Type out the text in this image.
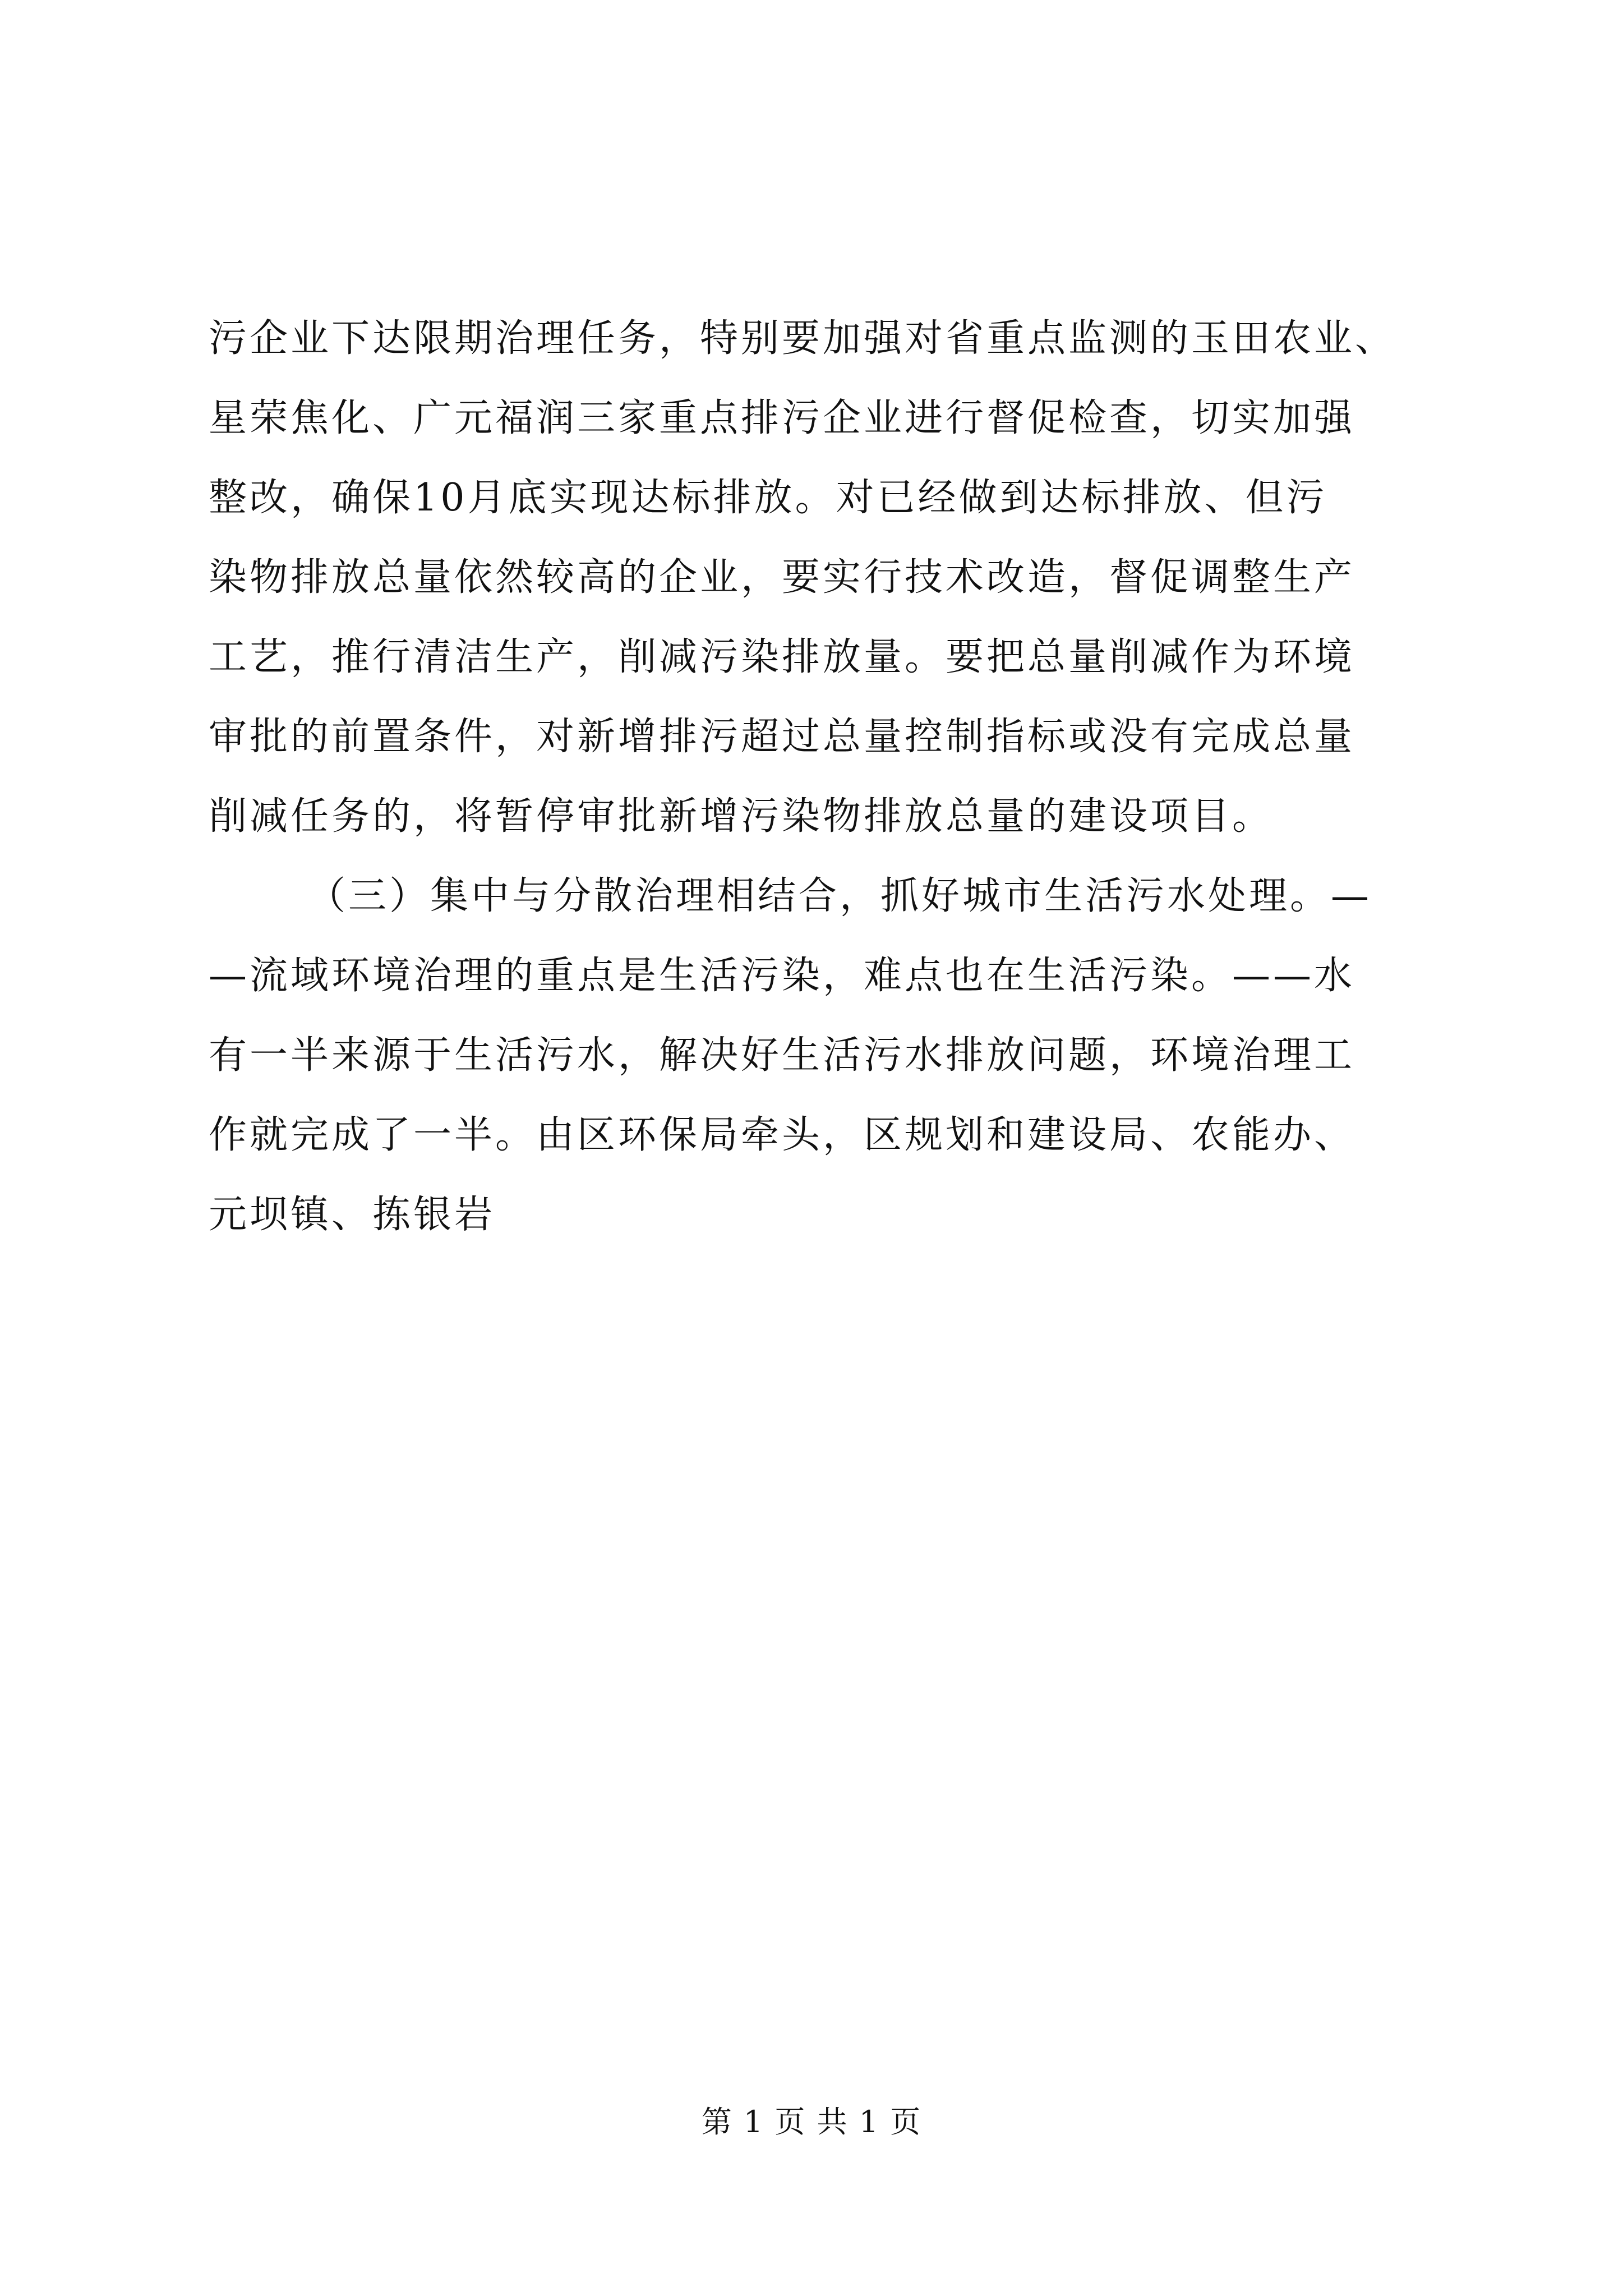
污企业下达限期治理任务，特别要加强对省重点监测的玉田农业、
星荣焦化、广元福润三家重点排污企业进行督促检查，切实加强
整改，确保10月底实现达标排放。对已经做到达标排放、但污
染物排放总量依然较高的企业，要实行技术改造，督促调整生产
工艺，推行清洁生产，削减污染排放量。要把总量削减作为环境
审批的前置条件，对新增排污超过总量控制指标或没有完成总量
削减任务的，将暂停审批新增污染物排放总量的建设项目。
（三）集中与分散治理相结合，抓好城市生活污水处理。—
—流域环境治理的重点是生活污染，难点也在生活污染。——水
有一半来源于生活污水，解决好生活污水排放问题，环境治理工
作就完成了一半。由区环保局牵头，区规划和建设局、农能办、
元坝镇、拣银岩
第 1 页 共 1 页
